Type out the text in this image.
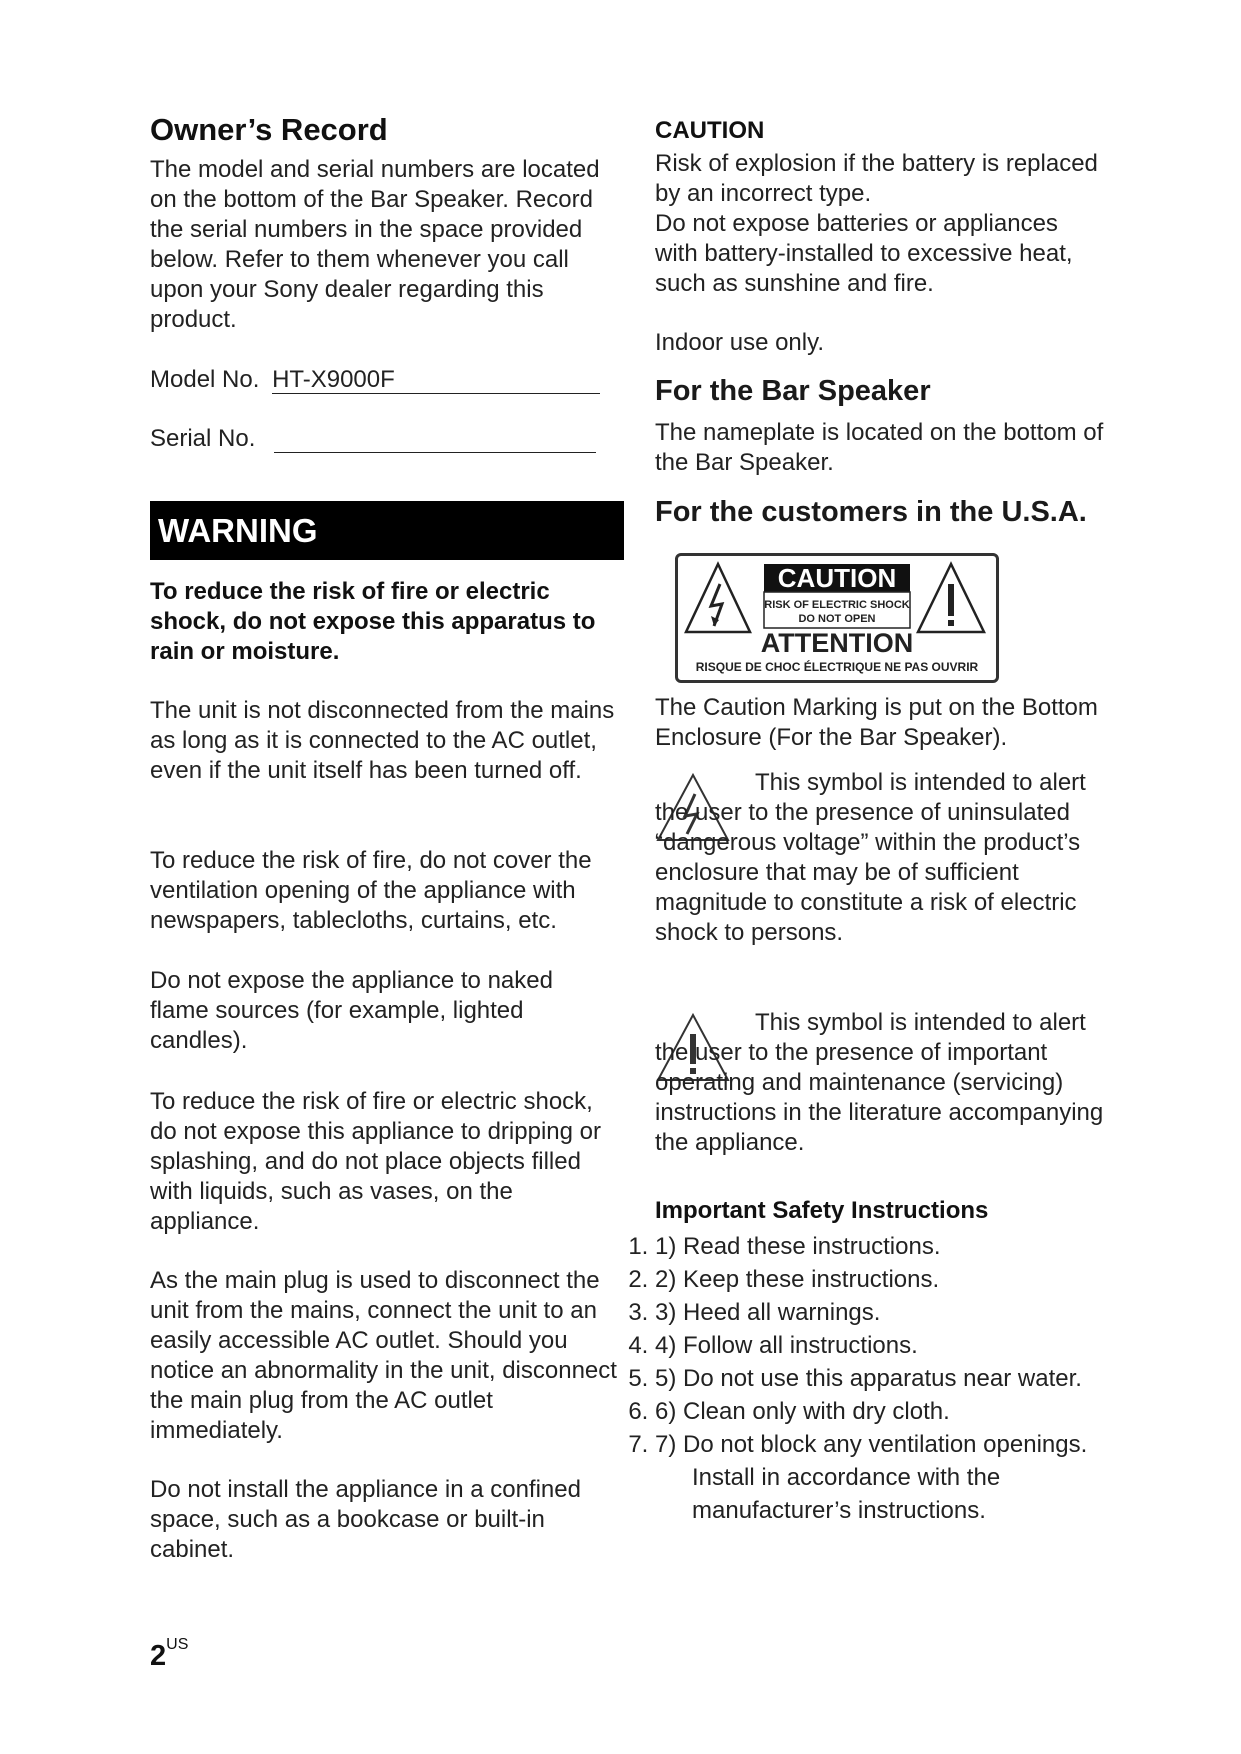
Owner’s Record

The model and serial numbers are located on the bottom of the Bar Speaker. Record the serial numbers in the space provided below. Refer to them whenever you call upon your Sony dealer regarding this product.

Model No. HT-X9000F
Serial No.
WARNING

To reduce the risk of fire or electric shock, do not expose this apparatus to rain or moisture.

The unit is not disconnected from the mains as long as it is connected to the AC outlet, even if the unit itself has been turned off.

To reduce the risk of fire, do not cover the ventilation opening of the appliance with newspapers, tablecloths, curtains, etc.

Do not expose the appliance to naked flame sources (for example, lighted candles).

To reduce the risk of fire or electric shock, do not expose this appliance to dripping or splashing, and do not place objects filled with liquids, such as vases, on the appliance.

As the main plug is used to disconnect the unit from the mains, connect the unit to an easily accessible AC outlet. Should you notice an abnormality in the unit, disconnect the main plug from the AC outlet immediately.

Do not install the appliance in a confined space, such as a bookcase or built-in cabinet.

CAUTION

Risk of explosion if the battery is replaced by an incorrect type.

Do not expose batteries or appliances with battery-installed to excessive heat, such as sunshine and fire.

Indoor use only.

For the Bar Speaker

The nameplate is located on the bottom of the Bar Speaker.

For the customers in the U.S.A.
CAUTION
RISK OF ELECTRIC SHOCK
DO NOT OPEN
ATTENTION
RISQUE DE CHOC ÉLECTRIQUE NE PAS OUVRIR

The Caution Marking is put on the Bottom Enclosure (For the Bar Speaker).

This symbol is intended to alert the user to the presence of uninsulated “dangerous voltage” within the product’s enclosure that may be of sufficient magnitude to constitute a risk of electric shock to persons.

This symbol is intended to alert the user to the presence of important operating and maintenance (servicing) instructions in the literature accompanying the appliance.

Important Safety Instructions
1. 1) Read these instructions.
2. 2) Keep these instructions.
3. 3) Heed all warnings.
4. 4) Follow all instructions.
5. 5) Do not use this apparatus near water.
6. 6) Clean only with dry cloth.
7. 7) Do not block any ventilation openings. Install in accordance with the manufacturer’s instructions.
$2^{US}$
